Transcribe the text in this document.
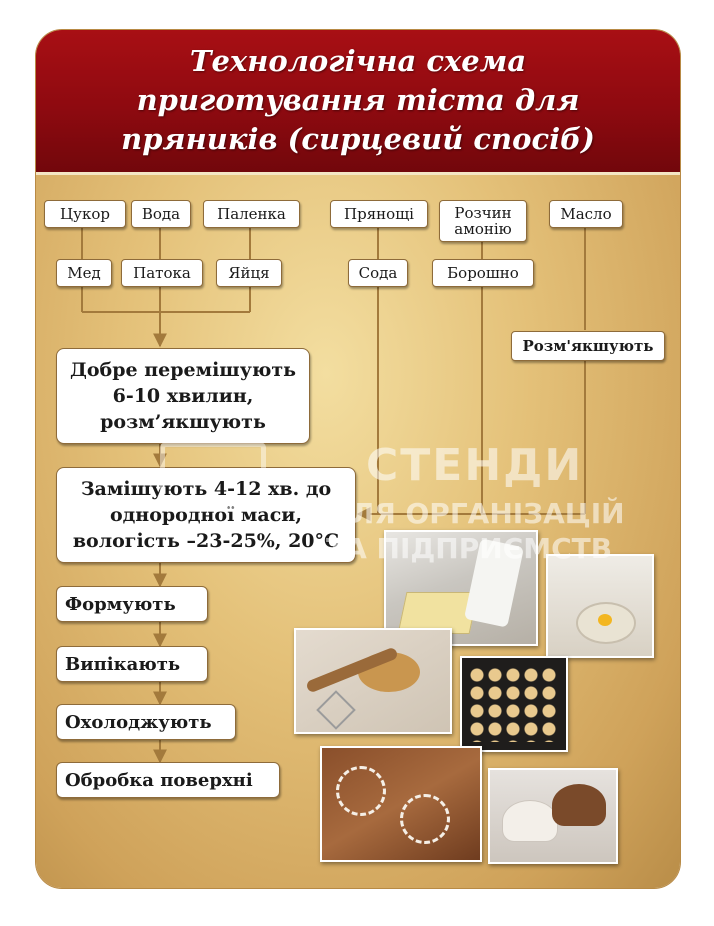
Технологічна схема
приготування тіста для
пряників (сирцевий спосіб)
Цукор	Вода	Паленка	Прянощі	Розчин амонію
Масло
Мед	Патока	Яйця	Сода	Борошно
Розм'якшують
Добре перемішують 6-10 хвилин, розм’якшують
Замішують 4-12 хв. до однородної маси, вологість –23-25%, 20°С
Формують
Випікають
Охолоджують
Обробка поверхні
СТЕНДИ
ДЛЯ ОРГАНІЗАЦІЙ
ТА ПІДПРИЄМСТВ
